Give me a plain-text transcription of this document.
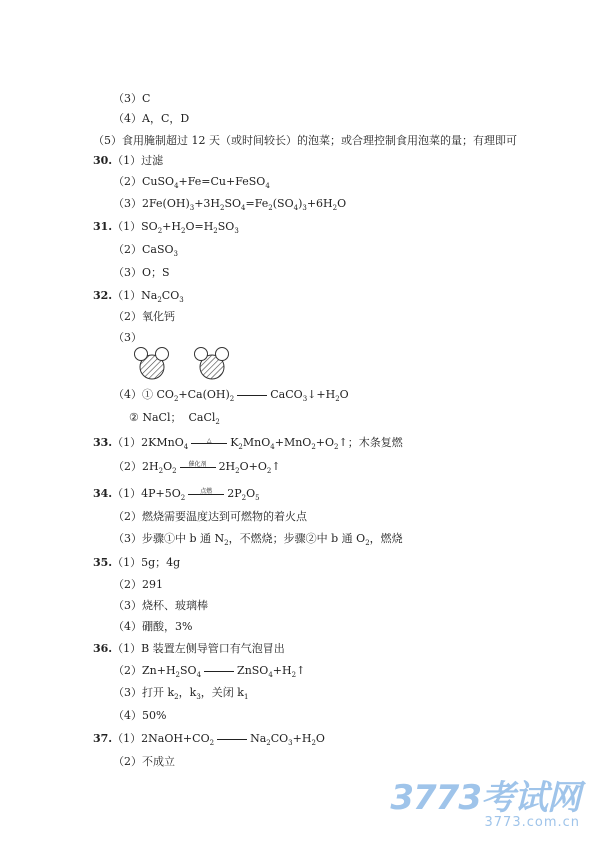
（3）C
（4）A，C，D
（5）食用腌制超过 12 天（或时间较长）的泡菜；或合理控制食用泡菜的量；有理即可
30.（1）过滤
（2）CuSO$_4$+Fe=Cu+FeSO$_4$
$(3)2Fe(OH)_3+3H_2SO_4=Fe_2(SO_4)_3+6H_2O$
$31.(1)SO_2+H_2O=H_2SO_3$
（2）CaSO$_3$
（3）O；S
$32.(1)Na_2CO_3$
（2）氧化钙
（3）
（4）① $CO_2+Ca(OH)_2$	$CaCO_3↓+H_2O$
② NaCl；  CaCl$_2$
33.（1）2KMnO$_4$
△	$K_2MnO_4+MnO_2+O_2↑$；木条复燃
$(2)2H_2O_2$
催化剂	$2H_2O+O_2↑$
$34.(1)4P+5O_2$
点燃	$2P_2O_5$
（2）燃烧需要温度达到可燃物的着火点
（3）步骤①中 b 通 $N_2$，不燃烧；步骤②中 b 通 $O_2$，燃烧
35.（1）5g；4g
（2）291
（3）烧杯、玻璃棒
（4）硼酸，3%
36.（1）B 装置左侧导管口有气泡冒出
$(2)Zn+H_2SO_4$	$ZnSO_4+H_2↑$
（3）打开 $k_2$，$k_3$，关闭 $k_1$
（4）50%
$37.(1)2NaOH+CO_2$	$Na_2CO_3+H_2O$
（2）不成立
3773考试网
3773.com.cn
